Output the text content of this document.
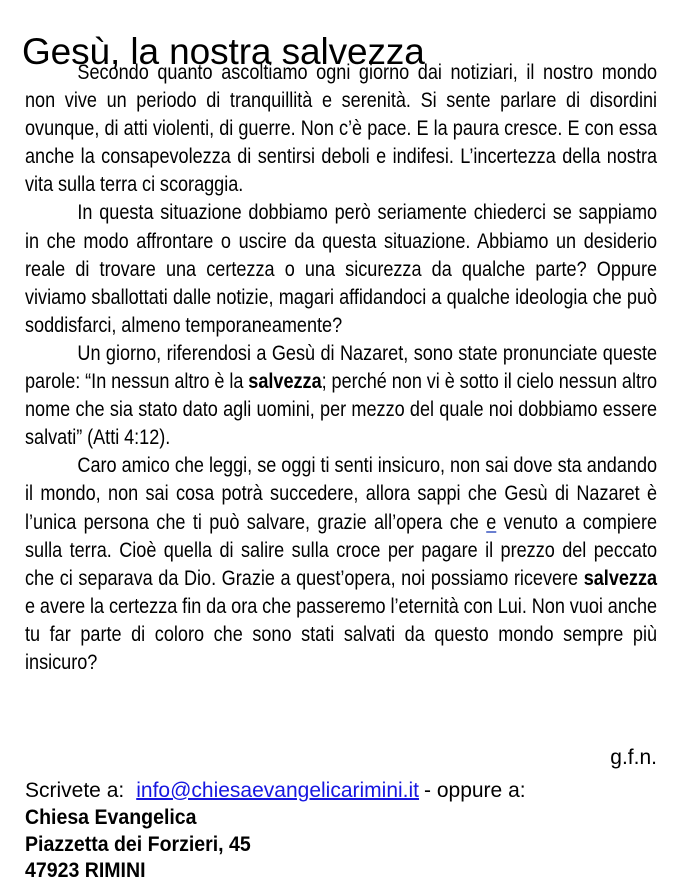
Gesù, la nostra salvezza

Secondo quanto ascoltiamo ogni giorno dai notiziari, il nostro mondo non vive un periodo di tranquillità e serenità. Si sente parlare di disordini ovunque, di atti violenti, di guerre. Non c’è pace. E la paura cresce. E con essa anche la consapevolezza di sentirsi deboli e indifesi. L’incertezza della nostra vita sulla terra ci scoraggia.

In questa situazione dobbiamo però seriamente chiederci se sappiamo in che modo affrontare o uscire da questa situazione. Abbiamo un desiderio reale di trovare una certezza o una sicurezza da qualche parte? Oppure viviamo sballottati dalle notizie, magari affidandoci a qualche ideologia che può soddisfarci, almeno temporaneamente?

Un giorno, riferendosi a Gesù di Nazaret, sono state pronunciate queste parole: “In nessun altro è la salvezza; perché non vi è sotto il cielo nessun altro nome che sia stato dato agli uomini, per mezzo del quale noi dobbiamo essere salvati” (Atti 4:12).

Caro amico che leggi, se oggi ti senti insicuro, non sai dove sta andando il mondo, non sai cosa potrà succedere, allora sappi che Gesù di Nazaret è l’unica persona che ti può salvare, grazie all’opera che e venuto a compiere sulla terra. Cioè quella di salire sulla croce per pagare il prezzo del peccato che ci separava da Dio. Grazie a quest’opera, noi possiamo ricevere salvezza e avere la certezza fin da ora che passeremo l’eternità con Lui. Non vuoi anche tu far parte di coloro che sono stati salvati da questo mondo sempre più insicuro?

g.f.n.
Scrivete a: info@chiesaevangelicarimini.it - oppure a:
Chiesa Evangelica
Piazzetta dei Forzieri, 45
47923 RIMINI
